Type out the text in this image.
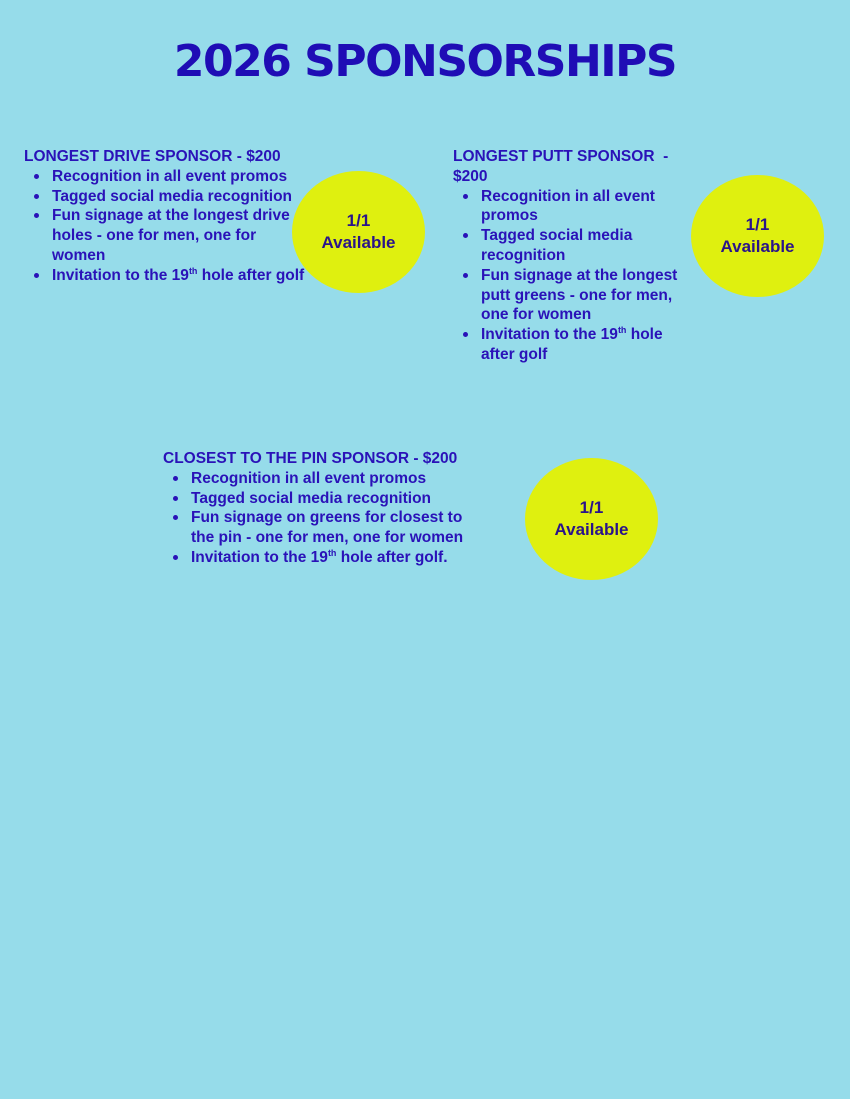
2026 SPONSORSHIPS

LONGEST DRIVE SPONSOR - $200

Recognition in all event promos
Tagged social media recognition
Fun signage at the longest drive holes - one for men, one for women
Invitation to the 19th hole after golf
1/1
Available

LONGEST PUTT SPONSOR  - $200

Recognition in all event promos
Tagged social media recognition
Fun signage at the longest putt greens - one for men, one for women
Invitation to the 19th hole after golf
1/1
Available

CLOSEST TO THE PIN SPONSOR - $200

Recognition in all event promos
Tagged social media recognition
Fun signage on greens for closest to the pin - one for men, one for women
Invitation to the 19th hole after golf.
1/1
Available
